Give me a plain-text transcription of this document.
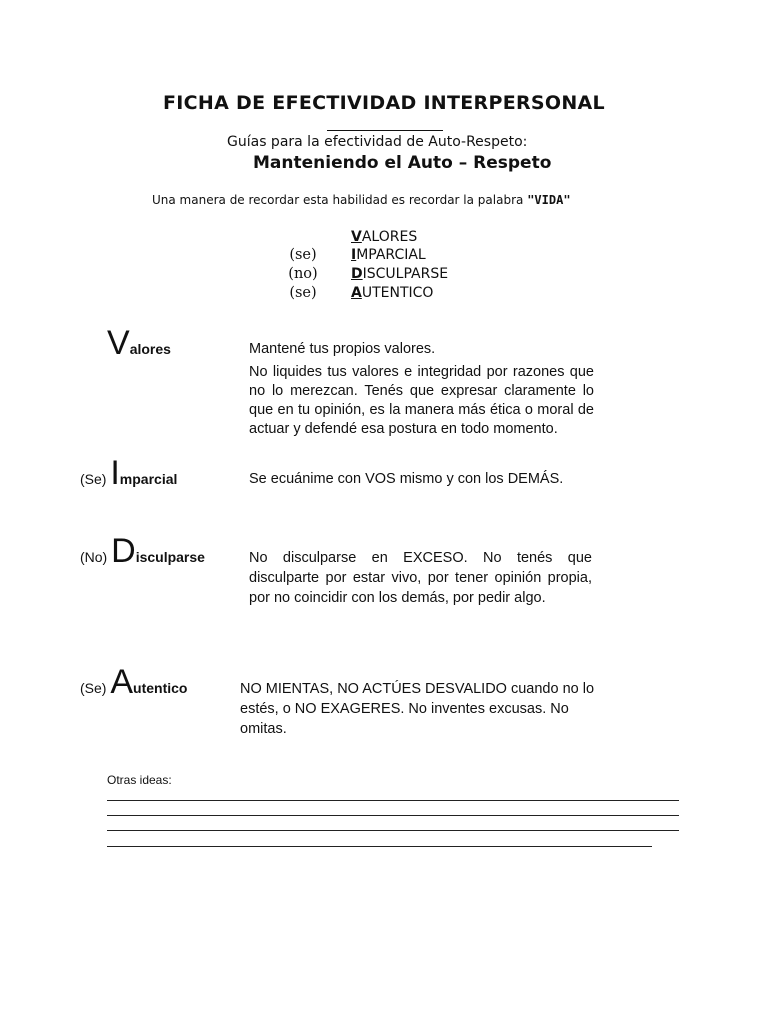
FICHA DE EFECTIVIDAD INTERPERSONAL
Guías para la efectividad de Auto-Respeto:
Manteniendo el Auto – Respeto
Una manera de recordar esta habilidad es recordar la palabra "VIDA"
VALORES
(se)	IMPARCIAL
(no)	DISCULPARSE
(se)	AUTENTICO
Valores	Mantené tus propios valores.
No liquides tus valores e integridad por razones que no lo merezcan. Tenés que expresar claramente lo que en tu opinión, es la manera más ética o moral de actuar y defendé esa postura en todo momento.
(Se) Imparcial	Se ecuánime con VOS mismo y con los DEMÁS.
(No) Disculparse	No disculparse en EXCESO. No tenés que disculparte por estar vivo, por tener opinión propia, por no coincidir con los demás, por pedir algo.
(Se) Autentico	NO MIENTAS, NO ACTÚES DESVALIDO cuando no lo estés, o NO EXAGERES. No inventes excusas. No omitas.
Otras ideas:
